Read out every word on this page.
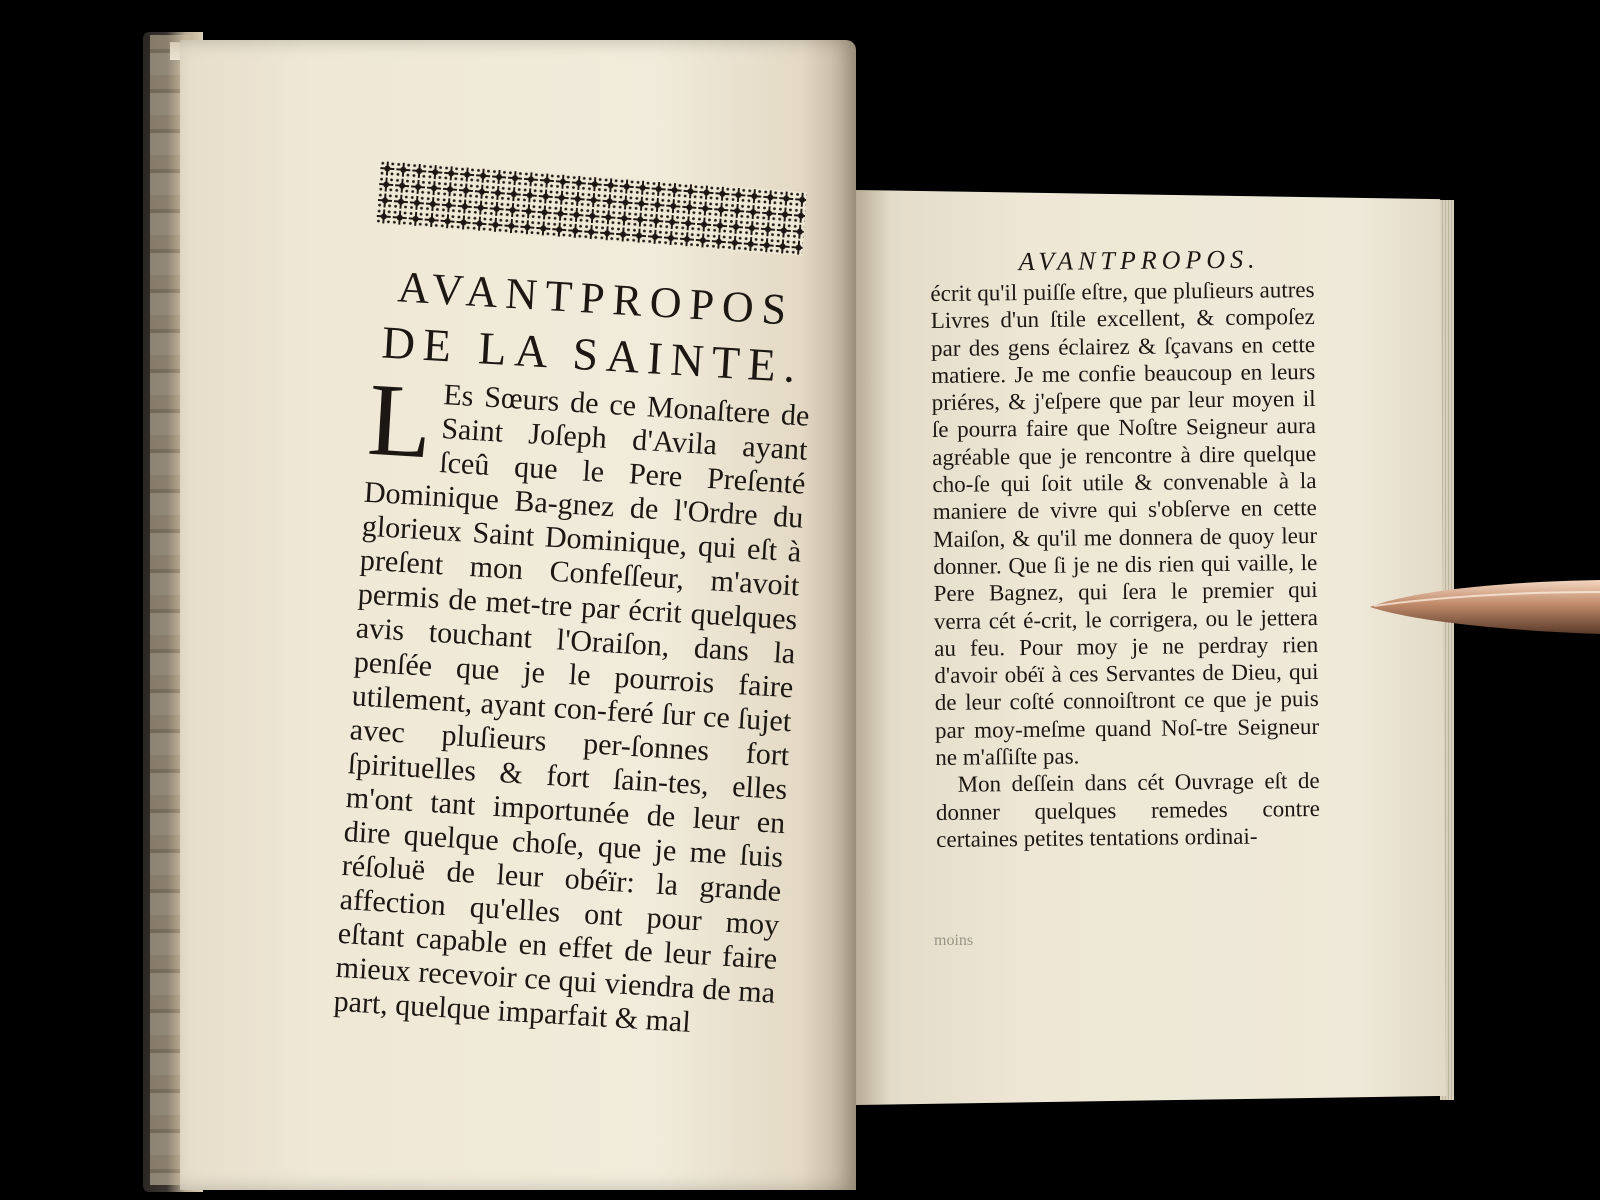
AVANTPROPOS
DE LA SAINTE.
L Es Sœurs de ce Monaſtere de Saint Joſeph d'Avila ayant ſceû que le Pere Preſenté Dominique Ba-gnez de l'Ordre du glorieux Saint Dominique, qui eſt à preſent mon Confeſſeur, m'avoit permis de met-tre par écrit quelques avis touchant l'Oraiſon, dans la penſée que je le pourrois faire utilement, ayant con-feré ſur ce ſujet avec pluſieurs per-ſonnes fort ſpirituelles & fort ſain-tes, elles m'ont tant importunée de leur en dire quelque choſe, que je me ſuis réſoluë de leur obéïr: la grande affection qu'elles ont pour moy eſtant capable en effet de leur faire mieux recevoir ce qui viendra de ma part, quelque imparfait & mal
AVANTPROPOS.

écrit qu'il puiſſe eſtre, que pluſieurs autres Livres d'un ſtile excellent, & compoſez par des gens éclairez & ſçavans en cette matiere. Je me confie beaucoup en leurs priéres, & j'eſpere que par leur moyen il ſe pourra faire que Noſtre Seigneur aura agréable que je rencontre à dire quelque cho-ſe qui ſoit utile & convenable à la maniere de vivre qui s'obſerve en cette Maiſon, & qu'il me donnera de quoy leur donner. Que ſi je ne dis rien qui vaille, le Pere Bagnez, qui ſera le premier qui verra cét é-crit, le corrigera, ou le jettera au feu. Pour moy je ne perdray rien d'avoir obéï à ces Servantes de Dieu, qui de leur coſté connoiſtront ce que je puis par moy-meſme quand Noſ-tre Seigneur ne m'aſſiſte pas.

Mon deſſein dans cét Ouvrage eſt de donner quelques remedes contre certaines petites tentations ordinai-

moins
